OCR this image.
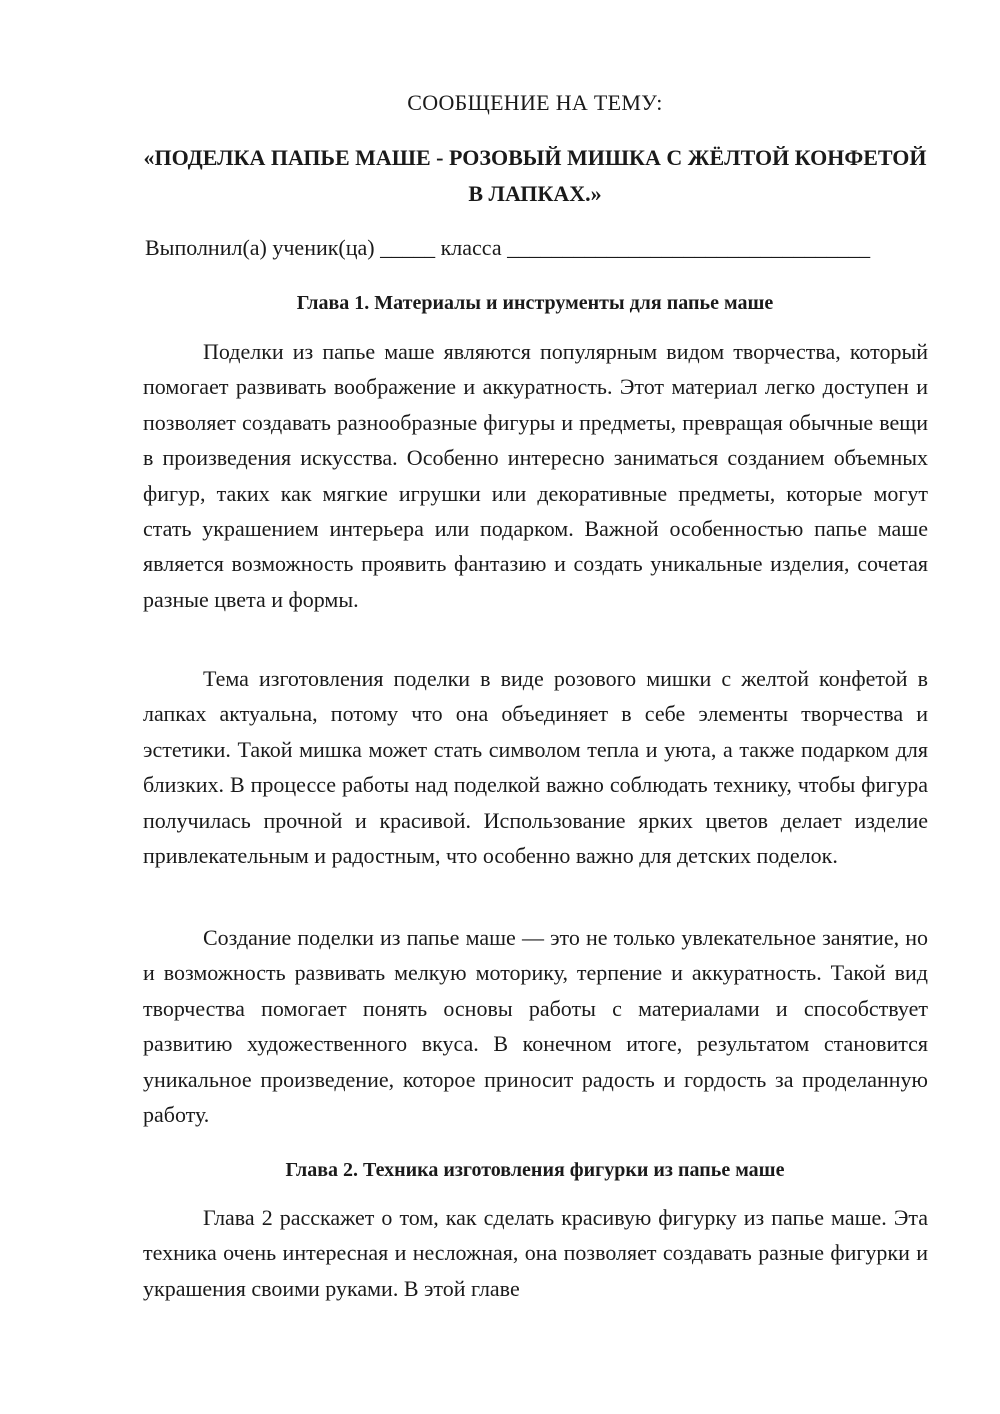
СООБЩЕНИЕ НА ТЕМУ:
«ПОДЕЛКА ПАПЬЕ МАШЕ - РОЗОВЫЙ МИШКА С ЖЁЛТОЙ КОНФЕТОЙ В ЛАПКАХ.»
Выполнил(а) ученик(ца) _____ класса _________________________________
Глава 1. Материалы и инструменты для папье маше

Поделки из папье маше являются популярным видом творчества, который помогает развивать воображение и аккуратность. Этот материал легко доступен и позволяет создавать разнообразные фигуры и предметы, превращая обычные вещи в произведения искусства. Особенно интересно заниматься созданием объемных фигур, таких как мягкие игрушки или декоративные предметы, которые могут стать украшением интерьера или подарком. Важной особенностью папье маше является возможность проявить фантазию и создать уникальные изделия, сочетая разные цвета и формы.

Тема изготовления поделки в виде розового мишки с желтой конфетой в лапках актуальна, потому что она объединяет в себе элементы творчества и эстетики. Такой мишка может стать символом тепла и уюта, а также подарком для близких. В процессе работы над поделкой важно соблюдать технику, чтобы фигура получилась прочной и красивой. Использование ярких цветов делает изделие привлекательным и радостным, что особенно важно для детских поделок.

Создание поделки из папье маше — это не только увлекательное занятие, но и возможность развивать мелкую моторику, терпение и аккуратность. Такой вид творчества помогает понять основы работы с материалами и способствует развитию художественного вкуса. В конечном итоге, результатом становится уникальное произведение, которое приносит радость и гордость за проделанную работу.

Глава 2. Техника изготовления фигурки из папье маше

Глава 2 расскажет о том, как сделать красивую фигурку из папье маше. Эта техника очень интересная и несложная, она позволяет создавать разные фигурки и украшения своими руками. В этой главе
